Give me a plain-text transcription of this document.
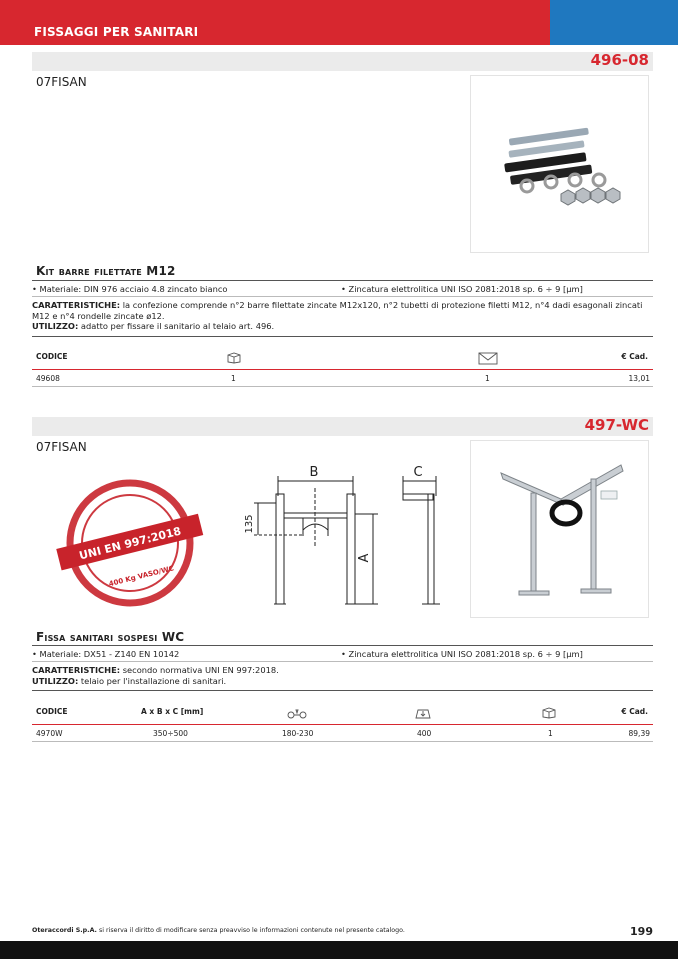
FISSAGGI PER SANITARI
496-08
07FISAN
Kit barre filettate M12
• Materiale: DIN 976 acciaio 4.8 zincato bianco	• Zincatura elettrolitica UNI ISO 2081:2018 sp. 6 ÷ 9 [µm]
CARATTERISTICHE: la confezione comprende n°2 barre filettate zincate M12x120, n°2 tubetti di protezione filetti M12, n°4 dadi esagonali zincati M12 e n°4 rondelle zincate ø12.
UTILIZZO: adatto per fissare il sanitario al telaio art. 496.
CODICE	€ Cad.
49608	1	1	13,01
497-WC
07FISAN
UNI EN 997:2018
400 Kg VASO/WC
B	C
135
A
Fissa sanitari sospesi WC
• Materiale: DX51 - Z140 EN 10142	• Zincatura elettrolitica UNI ISO 2081:2018 sp. 6 ÷ 9 [µm]
CARATTERISTICHE: secondo normativa UNI EN 997:2018.
UTILIZZO: telaio per l'installazione di sanitari.
CODICE	A x B x C [mm]	€ Cad.
4970W	350÷500	180-230	400	1	89,39
Oteraccordi S.p.A. si riserva il diritto di modificare senza preavviso le informazioni contenute nel presente catalogo.	199
